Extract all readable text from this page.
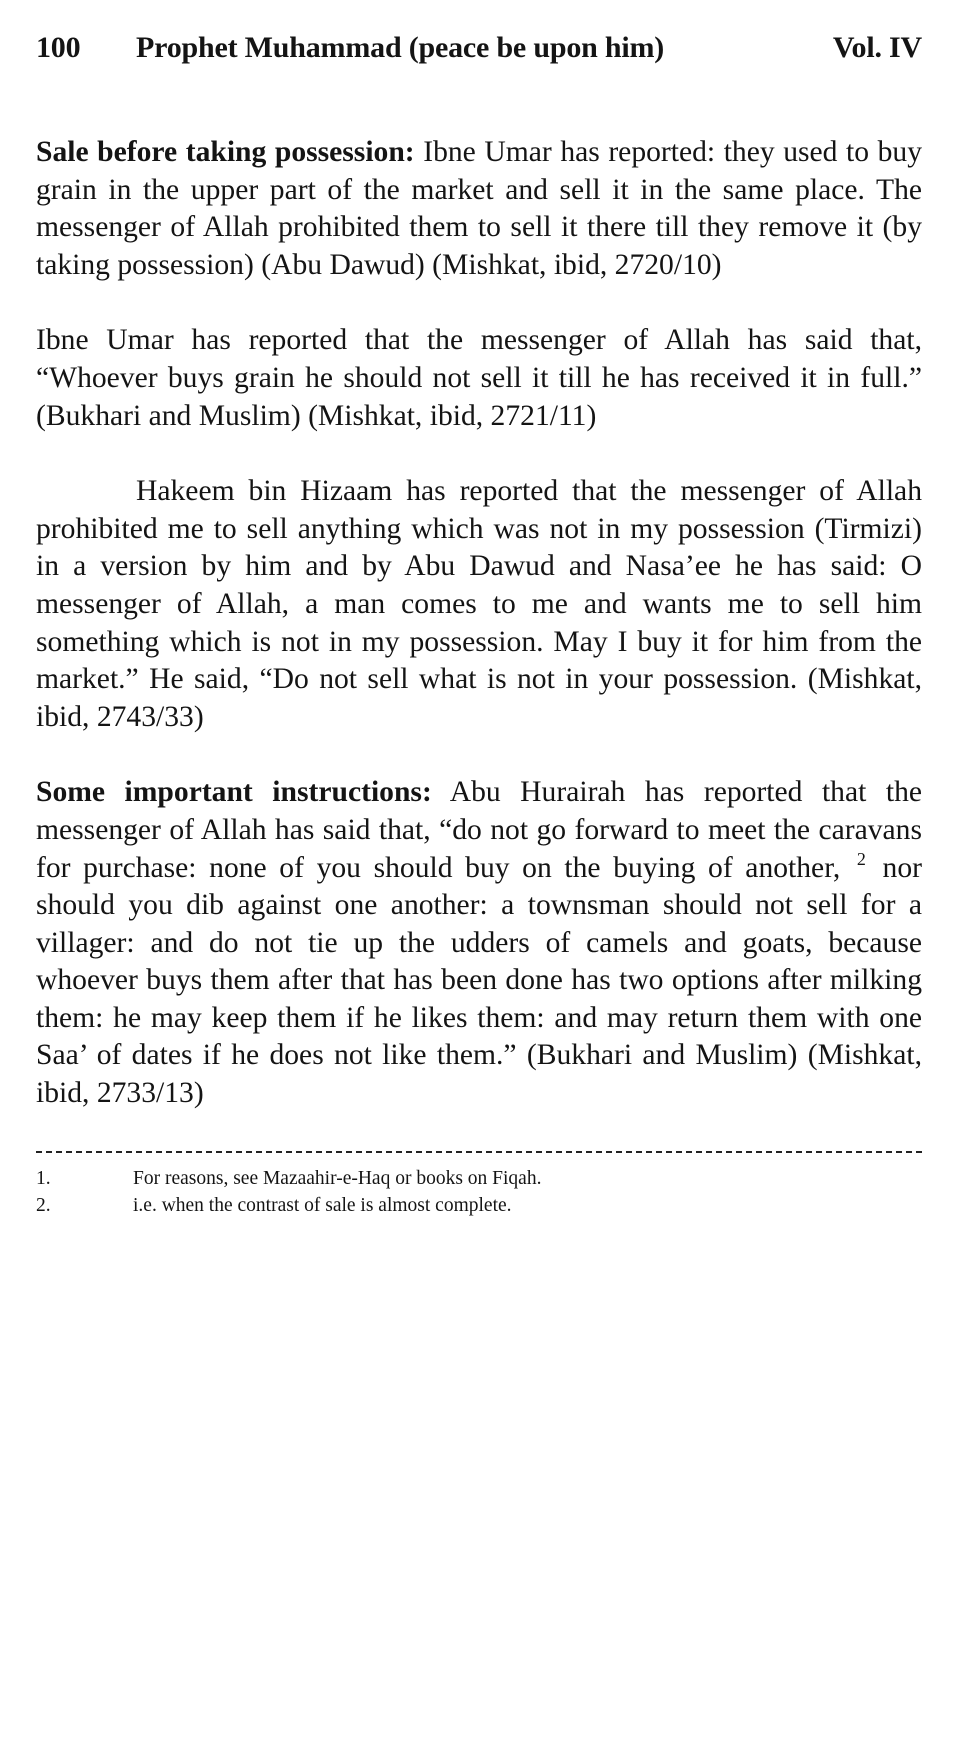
100	Prophet Muhammad (peace be upon him)	Vol. IV

Sale before taking possession: Ibne Umar has reported: they used to buy grain in the upper part of the market and sell it in the same place. The messenger of Allah prohibited them to sell it there till they remove it (by taking possession) (Abu Dawud) (Mishkat, ibid, 2720/10)

Ibne Umar has reported that the messenger of Allah has said that, “Whoever buys grain he should not sell it till he has received it in full.” (Bukhari and Muslim) (Mishkat, ibid, 2721/11)

Hakeem bin Hizaam has reported that the messenger of Allah prohibited me to sell anything which was not in my possession (Tirmizi) in a version by him and by Abu Dawud and Nasa’ee he has said: O messenger of Allah, a man comes to me and wants me to sell him something which is not in my possession. May I buy it for him from the market.” He said, “Do not sell what is not in your possession. (Mishkat, ibid, 2743/33)

Some important instructions: Abu Hurairah has reported that the messenger of Allah has said that, “do not go forward to meet the caravans for purchase: none of you should buy on the buying of another, $^2$ nor should you dib against one another: a townsman should not sell for a villager: and do not tie up the udders of camels and goats, because whoever buys them after that has been done has two options after milking them: he may keep them if he likes them: and may return them with one Saa’ of dates if he does not like them.” (Bukhari and Muslim) (Mishkat, ibid, 2733/13)

1.	For reasons, see Mazaahir-e-Haq or books on Fiqah.
2.	i.e. when the contrast of sale is almost complete.
